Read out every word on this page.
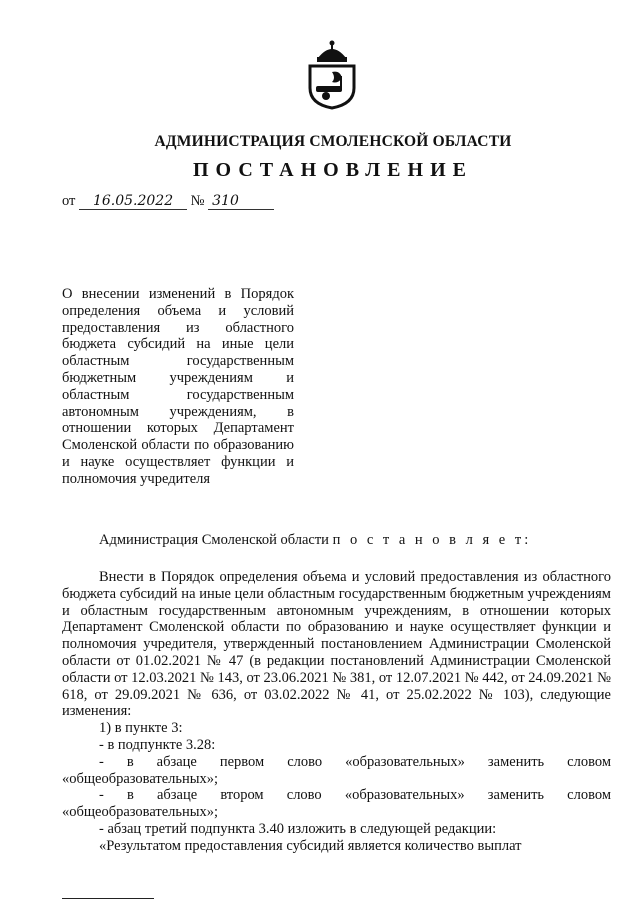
АДМИНИСТРАЦИЯ СМОЛЕНСКОЙ ОБЛАСТИ
ПОСТАНОВЛЕНИЕ
от 16.05.2022 № 310
О внесении изменений в Порядок определения объема и условий предоставления из областного бюджета субсидий на иные цели областным государственным бюджетным учреждениям и областным государственным автономным учреждениям, в отношении которых Департамент Смоленской области по образованию и науке осуществляет функции и полномочия учредителя

Администрация Смоленской области п о с т а н о в л я е т:

Внести в Порядок определения объема и условий предоставления из областного бюджета субсидий на иные цели областным государственным бюджетным учреждениям и областным государственным автономным учреждениям, в отношении которых Департамент Смоленской области по образованию и науке осуществляет функции и полномочия учредителя, утвержденный постановлением Администрации Смоленской области от 01.02.2021 № 47 (в редакции постановлений Администрации Смоленской области от 12.03.2021 № 143, от 23.06.2021 № 381, от 12.07.2021 № 442, от 24.09.2021 № 618, от 29.09.2021 № 636, от 03.02.2022 № 41, от 25.02.2022 № 103), следующие изменения:

1) в пункте 3:

- в подпункте 3.28:

- в абзаце первом слово «образовательных» заменить словом «общеобразовательных»;

- в абзаце втором слово «образовательных» заменить словом «общеобразовательных»;

- абзац третий подпункта 3.40 изложить в следующей редакции:

«Результатом предоставления субсидий является количество выплат
